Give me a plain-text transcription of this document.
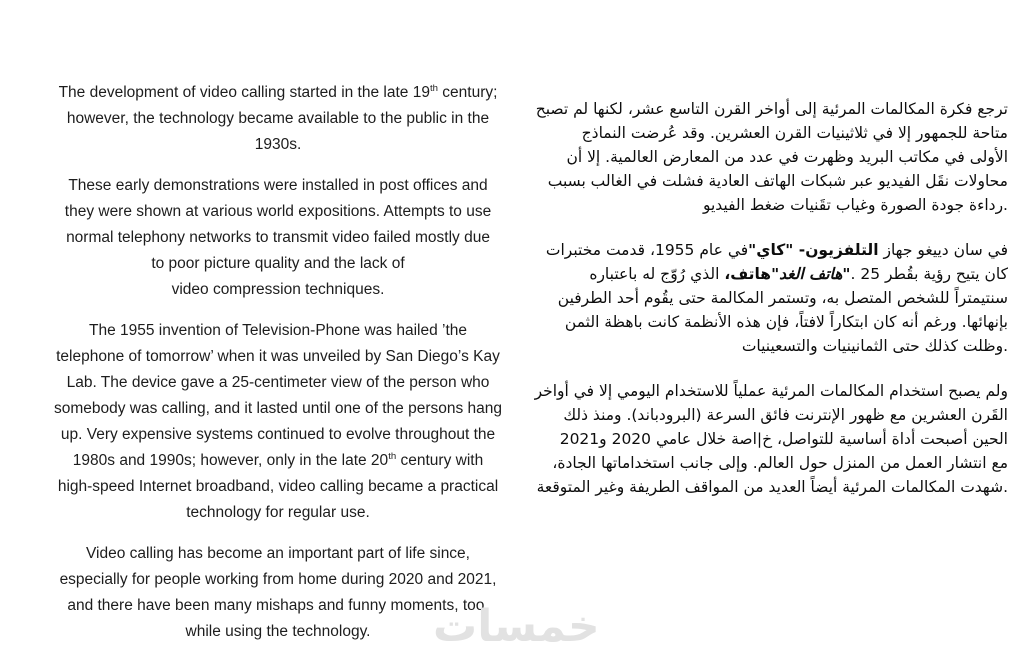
The development of video calling started in the late 19th century;
however, the technology became available to the public in the
1930s.
These early demonstrations were installed in post offices and
they were shown at various world expositions. Attempts to use
normal telephony networks to transmit video failed mostly due
to poor picture quality and the lack of
video compression techniques.
The 1955 invention of Television-Phone was hailed ’the
telephone of tomorrow’ when it was unveiled by San Diego’s Kay
Lab. The device gave a 25-centimeter view of the person who
somebody was calling, and it lasted until one of the persons hang
up. Very expensive systems continued to evolve throughout the
1980s and 1990s; however, only in the late 20th century with
high-speed Internet broadband, video calling became a practical
technology for regular use.
Video calling has become an important part of life since,
especially for people working from home during 2020 and 2021,
and there have been many mishaps and funny moments, too,
while using the technology.
ترجع فكرة المكالمات المرئية إلى أواخر القرن التاسع عشر، لكنها لم تصبح
متاحة للجمهور إلا في ثلاثينيات القرن العشرين. وقد عُرضت النماذج
الأولى في مكاتب البريد وظهرت في عدد من المعارض العالمية. إلا أن
محاولات نقَل الفيديو عبر شبكات الهاتف العادية فشلت في الغالب بسبب
.رداءة جودة الصورة وغياب تقَنيات ضغط الفيديو
في سان دييغو جهاز التلفزيون- "كاي"في عام 1955، قدمت مختبرات
كان يتيح رؤية بقُطر 25 ."هاتف الغد"هاتف، الذي رُوّج له باعتباره
سنتيمتراً للشخص المتصل به، وتستمر المكالمة حتى يقُوم أحد الطرفين
بإنهائها. ورغم أنه كان ابتكاراً لافتاً، فإن هذه الأنظمة كانت باهظة الثمن
.وظلت كذلك حتى الثمانينيات والتسعينيات
ولم يصبح استخدام المكالمات المرئية عملياً للاستخدام اليومي إلا في أواخر
القَرن العشرين مع ظهور الإنترنت فائق السرعة (البرودباند). ومنذ ذلك
الحين أصبحت أداة أساسية للتواصل، خ|اصة خلال عامي 2020 و2021
مع انتشار العمل من المنزل حول العالم. وإلى جانب استخداماتها الجادة،
.شهدت المكالمات المرئية أيضاً العديد من المواقف الطريفة وغير المتوقعة
خمسات
